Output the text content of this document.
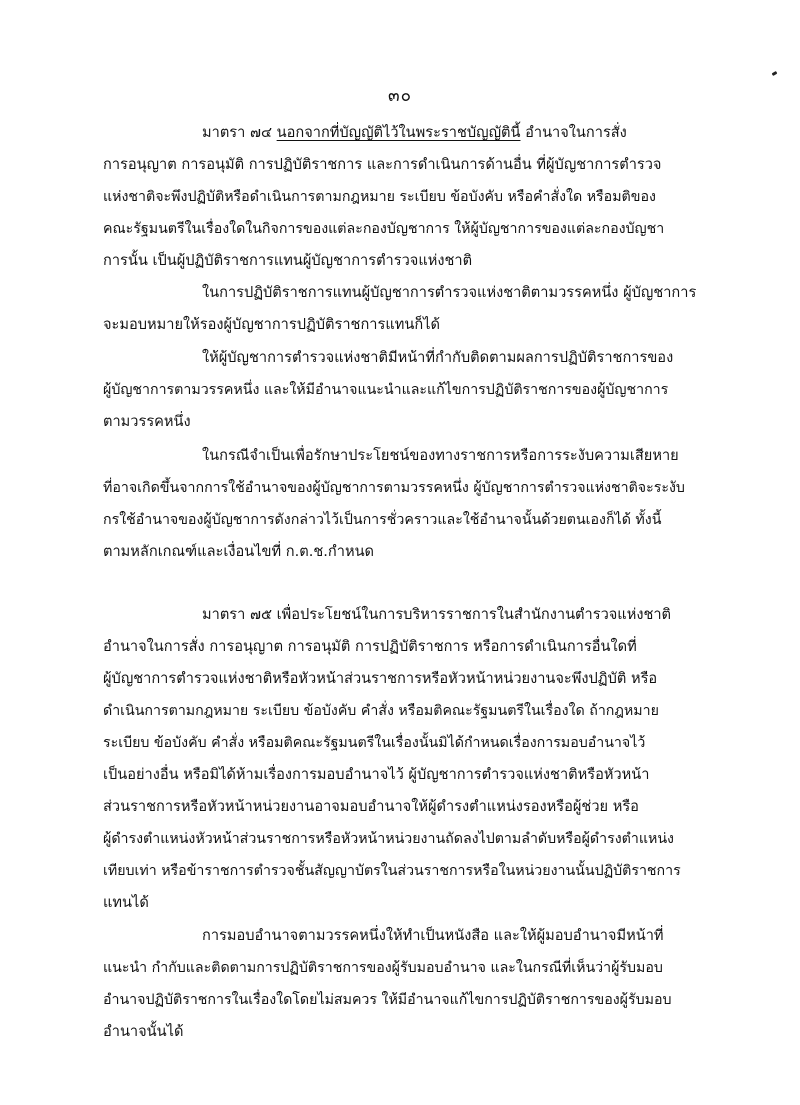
๓๐
มาตรา ๗๔ นอกจากที่บัญญัติไว้ในพระราชบัญญัตินี้ อำนาจในการสั่ง
การอนุญาต การอนุมัติ การปฏิบัติราชการ และการดำเนินการด้านอื่น ที่ผู้บัญชาการตำรวจ
แห่งชาติจะพึงปฏิบัติหรือดำเนินการตามกฎหมาย ระเบียบ ข้อบังคับ หรือคำสั่งใด หรือมติของ
คณะรัฐมนตรีในเรื่องใดในกิจการของแต่ละกองบัญชาการ ให้ผู้บัญชาการของแต่ละกองบัญชา
การนั้น เป็นผู้ปฏิบัติราชการแทนผู้บัญชาการตำรวจแห่งชาติ
ในการปฏิบัติราชการแทนผู้บัญชาการตำรวจแห่งชาติตามวรรคหนึ่ง ผู้บัญชาการ
จะมอบหมายให้รองผู้บัญชาการปฏิบัติราชการแทนก็ได้
ให้ผู้บัญชาการตำรวจแห่งชาติมีหน้าที่กำกับติดตามผลการปฏิบัติราชการของ
ผู้บัญชาการตามวรรคหนึ่ง และให้มีอำนาจแนะนำและแก้ไขการปฏิบัติราชการของผู้บัญชาการ
ตามวรรคหนึ่ง
ในกรณีจำเป็นเพื่อรักษาประโยชน์ของทางราชการหรือการระงับความเสียหาย
ที่อาจเกิดขึ้นจากการใช้อำนาจของผู้บัญชาการตามวรรคหนึ่ง ผู้บัญชาการตำรวจแห่งชาติจะระงับ
กรใช้อำนาจของผู้บัญชาการดังกล่าวไว้เป็นการชั่วคราวและใช้อำนาจนั้นด้วยตนเองก็ได้ ทั้งนี้
ตามหลักเกณฑ์และเงื่อนไขที่ ก.ต.ช.กำหนด
มาตรา ๗๕ เพื่อประโยชน์ในการบริหารราชการในสำนักงานตำรวจแห่งชาติ
อำนาจในการสั่ง การอนุญาต การอนุมัติ การปฏิบัติราชการ หรือการดำเนินการอื่นใดที่
ผู้บัญชาการตำรวจแห่งชาติหรือหัวหน้าส่วนราชการหรือหัวหน้าหน่วยงานจะพึงปฏิบัติ หรือ
ดำเนินการตามกฎหมาย ระเบียบ ข้อบังคับ คำสั่ง หรือมติคณะรัฐมนตรีในเรื่องใด ถ้ากฎหมาย
ระเบียบ ข้อบังคับ คำสั่ง หรือมติคณะรัฐมนตรีในเรื่องนั้นมิได้กำหนดเรื่องการมอบอำนาจไว้
เป็นอย่างอื่น หรือมิได้ห้ามเรื่องการมอบอำนาจไว้ ผู้บัญชาการตำรวจแห่งชาติหรือหัวหน้า
ส่วนราชการหรือหัวหน้าหน่วยงานอาจมอบอำนาจให้ผู้ดำรงตำแหน่งรองหรือผู้ช่วย หรือ
ผู้ดำรงตำแหน่งหัวหน้าส่วนราชการหรือหัวหน้าหน่วยงานถัดลงไปตามลำดับหรือผู้ดำรงตำแหน่ง
เทียบเท่า หรือข้าราชการตำรวจชั้นสัญญาบัตรในส่วนราชการหรือในหน่วยงานนั้นปฏิบัติราชการ
แทนได้
การมอบอำนาจตามวรรคหนึ่งให้ทำเป็นหนังสือ และให้ผู้มอบอำนาจมีหน้าที่
แนะนำ กำกับและติดตามการปฏิบัติราชการของผู้รับมอบอำนาจ และในกรณีที่เห็นว่าผู้รับมอบ
อำนาจปฏิบัติราชการในเรื่องใดโดยไม่สมควร ให้มีอำนาจแก้ไขการปฏิบัติราชการของผู้รับมอบ
อำนาจนั้นได้
